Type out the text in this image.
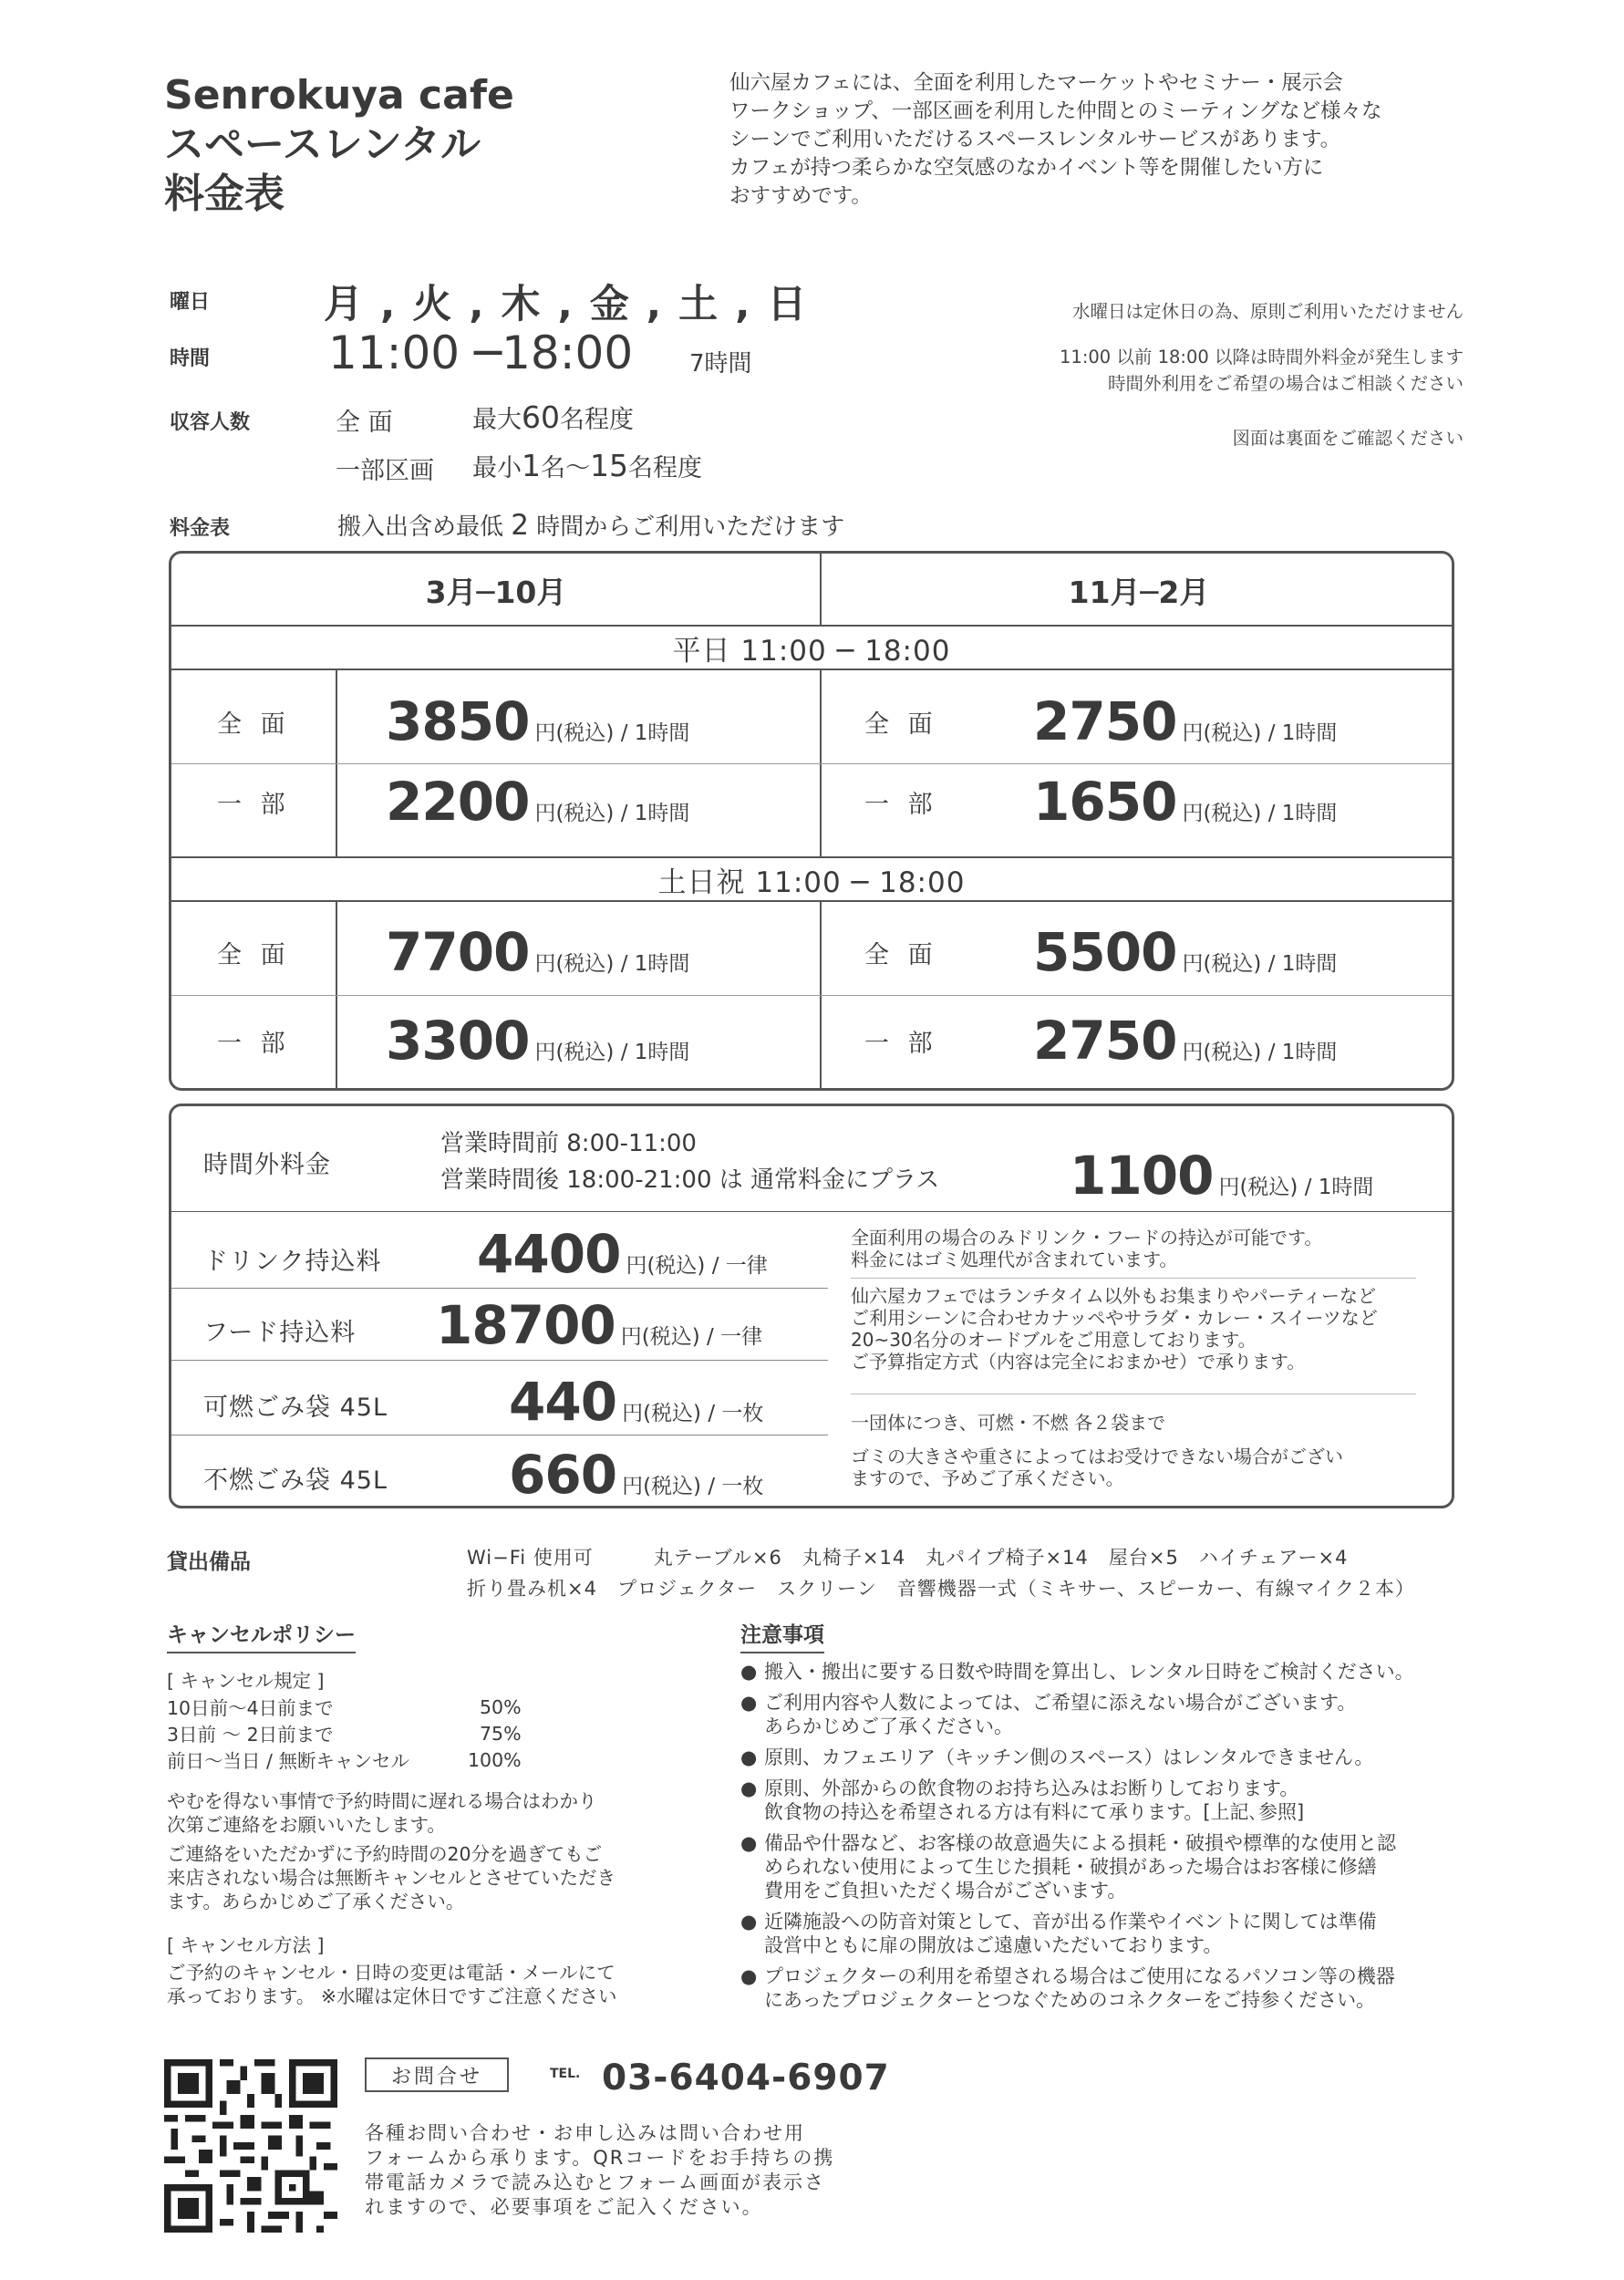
Senrokuya cafe
スペースレンタル
料金表
仙六屋カフェには、全面を利用したマーケットやセミナー・展示会
ワークショップ、一部区画を利用した仲間とのミーティングなど様々な
シーンでご利用いただけるスペースレンタルサービスがあります。
カフェが持つ柔らかな空気感のなかイベント等を開催したい方に
おすすめです。
曜日	月 , 火 , 木 , 金 , 土 , 日
時間	11:00 ─18:00 7時間
収容人数	全 面	最大60名程度
一部区画 最小1名～15名程度
料金表	搬入出含め最低 2 時間からご利用いただけます
水曜日は定休日の為、原則ご利用いただけません
11:00 以前 18:00 以降は時間外料金が発生します
時間外利用をご希望の場合はご相談ください
図面は裏面をご確認ください
3月─10月	11月─2月
平日 11:00 ─ 18:00
全 面 3850 円(税込) / 1時間	全 面 2750 円(税込) / 1時間
一 部 2200 円(税込) / 1時間	一 部 1650 円(税込) / 1時間
土日祝 11:00 ─ 18:00
全 面 7700 円(税込) / 1時間	全 面 5500 円(税込) / 1時間
一 部 3300 円(税込) / 1時間	一 部 2750 円(税込) / 1時間
時間外料金
営業時間前 8:00-11:00
営業時間後 18:00-21:00 は 通常料金にプラス 1100 円(税込) / 1時間
ドリンク持込料 4400 円(税込) / 一律
フード持込料 18700 円(税込) / 一律
可燃ごみ袋 45L 440 円(税込) / 一枚
不燃ごみ袋 45L 660 円(税込) / 一枚
全面利用の場合のみドリンク・フードの持込が可能です。
料金にはゴミ処理代が含まれています。
仙六屋カフェではランチタイム以外もお集まりやパーティーなど
ご利用シーンに合わせカナッペやサラダ・カレー・スイーツなど
20~30名分のオードブルをご用意しております。
ご予算指定方式（内容は完全におまかせ）で承ります。
一団体につき、可燃・不燃 各２袋まで
ゴミの大きさや重さによってはお受けできない場合がござい
ますので、予めご了承ください。
貸出備品	Wi−Fi 使用可　　　丸テーブル×6　丸椅子×14　丸パイプ椅子×14　屋台×5　ハイチェアー×4
折り畳み机×4　プロジェクター　スクリーン　音響機器一式（ミキサー、スピーカー、有線マイク２本）
キャンセルポリシー
[ キャンセル規定 ]
10日前～4日前まで	50%
3日前 ～ 2日前まで	75%
前日～当日 / 無断キャンセル	100%
やむを得ない事情で予約時間に遅れる場合はわかり
次第ご連絡をお願いいたします。
ご連絡をいただかずに予約時間の20分を過ぎてもご
来店されない場合は無断キャンセルとさせていただき
ます。あらかじめご了承ください。
[ キャンセル方法 ]
ご予約のキャンセル・日時の変更は電話・メールにて
承っております。 ※水曜は定休日ですご注意ください
注意事項
● 搬入・搬出に要する日数や時間を算出し、レンタル日時をご検討ください。
● ご利用内容や人数によっては、ご希望に添えない場合がございます。
あらかじめご了承ください。
● 原則、カフェエリア（キッチン側のスペース）はレンタルできません。
● 原則、外部からの飲食物のお持ち込みはお断りしております。
飲食物の持込を希望される方は有料にて承ります。[上記､参照]
● 備品や什器など、お客様の故意過失による損耗・破損や標準的な使用と認
められない使用によって生じた損耗・破損があった場合はお客様に修繕
費用をご負担いただく場合がございます。
● 近隣施設への防音対策として、音が出る作業やイベントに関しては準備
設営中ともに扉の開放はご遠慮いただいております。
● プロジェクターの利用を希望される場合はご使用になるパソコン等の機器
にあったプロジェクターとつなぐためのコネクターをご持参ください。
お問合せ	TEL. 03-6404-6907
各種お問い合わせ・お申し込みは問い合わせ用
フォームから承ります。QRコードをお手持ちの携
帯電話カメラで読み込むとフォーム画面が表示さ
れますので、必要事項をご記入ください。
